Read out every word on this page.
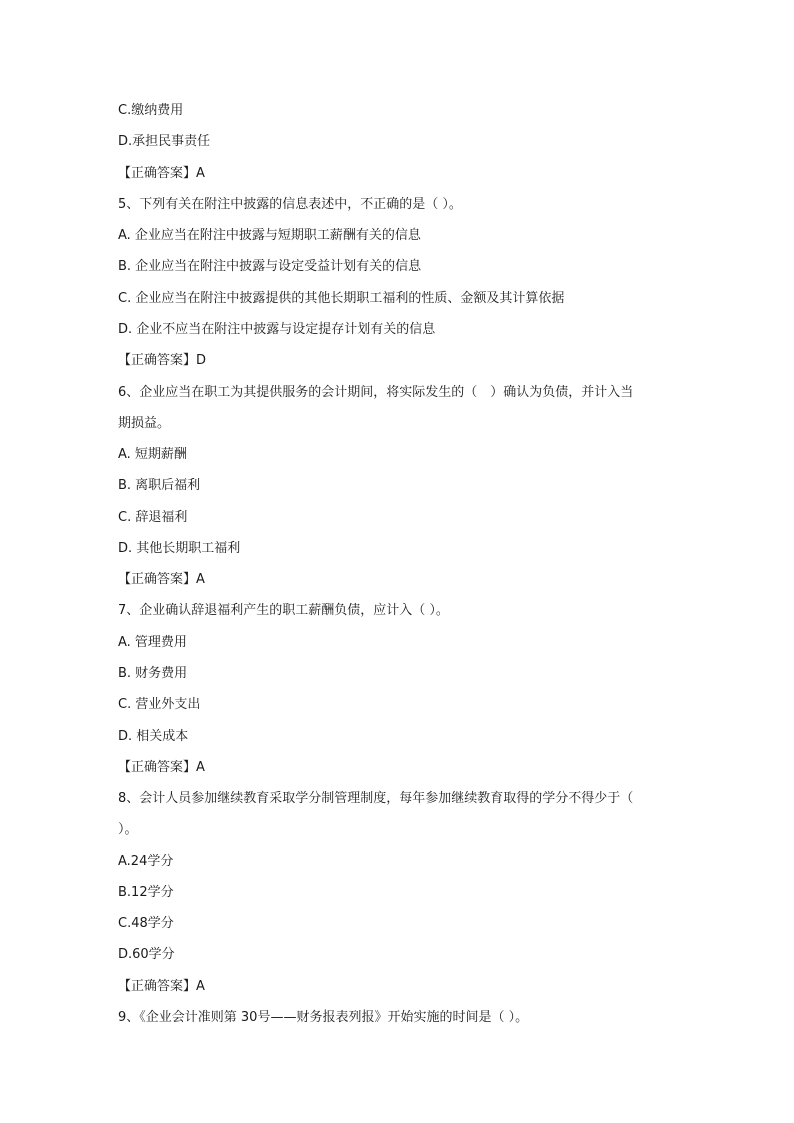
C.缴纳费用
D.承担民事责任
【正确答案】A
5、下列有关在附注中披露的信息表述中，不正确的是（ ）。
A. 企业应当在附注中披露与短期职工薪酬有关的信息
B. 企业应当在附注中披露与设定受益计划有关的信息
C. 企业应当在附注中披露提供的其他长期职工福利的性质、金额及其计算依据
D. 企业不应当在附注中披露与设定提存计划有关的信息
【正确答案】D
6、企业应当在职工为其提供服务的会计期间，将实际发生的（　）确认为负债，并计入当
期损益。
A. 短期薪酬
B. 离职后福利
C. 辞退福利
D. 其他长期职工福利
【正确答案】A
7、企业确认辞退福利产生的职工薪酬负债，应计入（ ）。
A. 管理费用
B. 财务费用
C. 营业外支出
D. 相关成本
【正确答案】A
8、会计人员参加继续教育采取学分制管理制度，每年参加继续教育取得的学分不得少于（
）。
A.24学分
B.12学分
C.48学分
D.60学分
【正确答案】A
9、《企业会计准则第 30号——财务报表列报》开始实施的时间是（ ）。
